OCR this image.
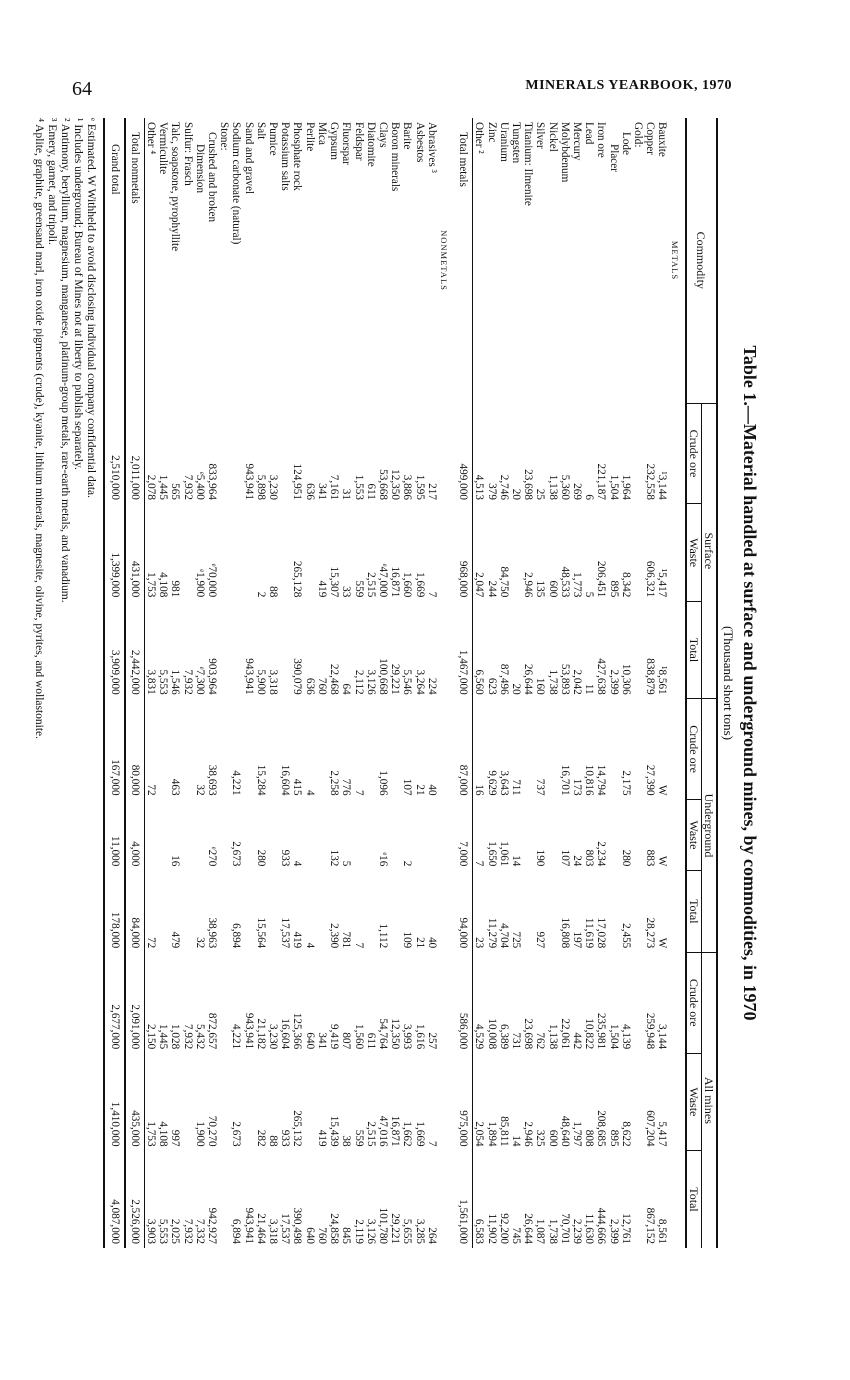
64	MINERALS YEARBOOK, 1970
Table 1.—Material handled at surface and underground mines, by commodities, in 1970
(Thousand short tons)
Commodity	Surface			Underground			All mines		
	Crude ore	Waste	Total	Crude ore	Waste	Total	Crude ore	Waste	Total
METALS									
Bauxite	¹3,144	¹5,417	¹8,561	W	W	W	3,144	5,417	8,561
Copper	232,558	606,321	838,879	27,390	883	28,273	259,948	607,204	867,152
Gold:									
Lode	1,964	8,342	10,306	2,175	280	2,455	4,139	8,622	12,761
Placer	1,504	895	2,399				1,504	895	2,399
Iron ore	221,187	206,451	427,638	14,794	2,234	17,028	235,981	208,685	444,666
Lead	6	5	11	10,816	803	11,619	10,822	808	11,630
Mercury	269	1,773	2,042	173	24	197	442	1,797	2,239
Molybdenum	5,360	48,533	53,893	16,701	107	16,808	22,061	48,640	70,701
Nickel	1,138	600	1,738				1,138	600	1,738
Silver	25	135	160	737	190	927	762	325	1,087
Titanium: Ilmenite	23,698	2,946	26,644				23,698	2,946	26,644
Tungsten	20		20	711	14	725	731	14	745
Uranium	2,746	84,750	87,496	3,643	1,061	4,704	6,389	85,811	92,200
Zinc	379	244	623	9,629	1,650	11,279	10,008	1,894	11,902
Other ²	4,513	2,047	6,560	16	7	23	4,529	2,054	6,583
Total metals	499,000	968,000	1,467,000	87,000	7,000	94,000	586,000	975,000	1,561,000
NONMETALS									
Abrasives ³	217	7	224	40		40	257	7	264
Asbestos	1,595	1,669	3,264	21		21	1,616	1,669	3,285
Barite	3,886	1,660	5,546	107	2	109	3,993	1,662	5,655
Boron minerals	12,350	16,871	29,221				12,350	16,871	29,221
Clays	53,668	ᵉ47,000	100,668	1,096	ᵉ16	1,112	54,764	47,016	101,780
Diatomite	611	2,515	3,126				611	2,515	3,126
Feldspar	1,553	559	2,112	7		7	1,560	559	2,119
Fluorspar	31	33	64	776	5	781	807	38	845
Gypsum	7,161	15,307	22,468	2,258	132	2,390	9,419	15,439	24,858
Mica	341	419	760				341	419	760
Perlite	636		636	4		4	640		640
Phosphate rock	124,951	265,128	390,079	415	4	419	125,366	265,132	390,498
Potassium salts				16,604	933	17,537	16,604	933	17,537
Pumice	3,230	88	3,318				3,230	88	3,318
Salt	5,898	2	5,900	15,284	280	15,564	21,182	282	21,464
Sand and gravel	943,941		943,941				943,941		943,941
Sodium carbonate (natural)				4,221	2,673	6,894	4,221	2,673	6,894
Stone:									
Crushed and broken	833,964	ᵉ70,000	903,964	38,693	ᵉ270	38,963	872,657	70,270	942,927
Dimension	ᵉ5,400	ᵉ1,900	ᵉ7,300	32		32	5,432	1,900	7,332
Sulfur: Frasch	7,932		7,932				7,932		7,932
Talc, soapstone, pyrophyllite	565	981	1,546	463	16	479	1,028	997	2,025
Vermiculite	1,445	4,108	5,553				1,445	4,108	5,553
Other ⁴	2,078	1,753	3,831	72		72	2,150	1,753	3,903
Total nonmetals	2,011,000	431,000	2,442,000	80,000	4,000	84,000	2,091,000	435,000	2,526,000
Grand total	2,510,000	1,399,000	3,909,000	167,000	11,000	178,000	2,677,000	1,410,000	4,087,000
ᵉ Estimated. W Withheld to avoid disclosing individual company confidential data.
¹ Includes underground; Bureau of Mines not at liberty to publish separately.
² Antimony, beryllium, magnesium, manganese, platinum-group metals, rare-earth metals, and vanadium.
³ Emery, garnet, and tripoli.
⁴ Aplite, graphite, greensand marl, iron oxide pigments (crude), kyanite, lithium minerals, magnesite, olivine, pyrites, and wollastonite.
